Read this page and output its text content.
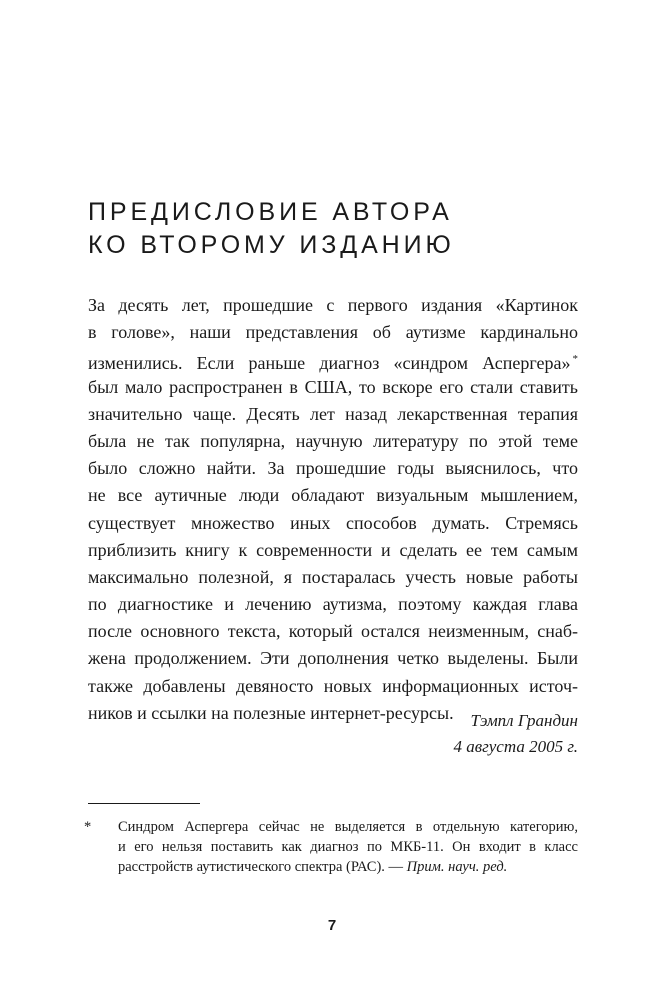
ПРЕДИСЛОВИЕ АВТОРА
КО ВТОРОМУ ИЗДАНИЮ
За десять лет, прошедшие с первого издания «Картинок
в голове», наши представления об аутизме кардинально
изменились. Если раньше диагноз «синдром Аспергера» *
был мало распространен в США, то вскоре его стали ставить
значительно чаще. Десять лет назад лекарственная терапия
была не так популярна, научную литературу по этой теме
было сложно найти. За прошедшие годы выяснилось, что
не все аутичные люди обладают визуальным мышлением,
существует множество иных способов думать. Стремясь
приблизить книгу к современности и сделать ее тем самым
максимально полезной, я постаралась учесть новые работы
по диагностике и лечению аутизма, поэтому каждая глава
после основного текста, который остался неизменным, снаб-
жена продолжением. Эти дополнения четко выделены. Были
также добавлены девяносто новых информационных источ-
ников и ссылки на полезные интернет-ресурсы. Тэмпл Грандин
4 августа 2005 г.
* Синдром Аспергера сейчас не выделяется в отдельную категорию,
и его нельзя поставить как диагноз по МКБ-11. Он входит в класс
расстройств аутистического спектра (РАС). — Прим. науч. ред.
7
